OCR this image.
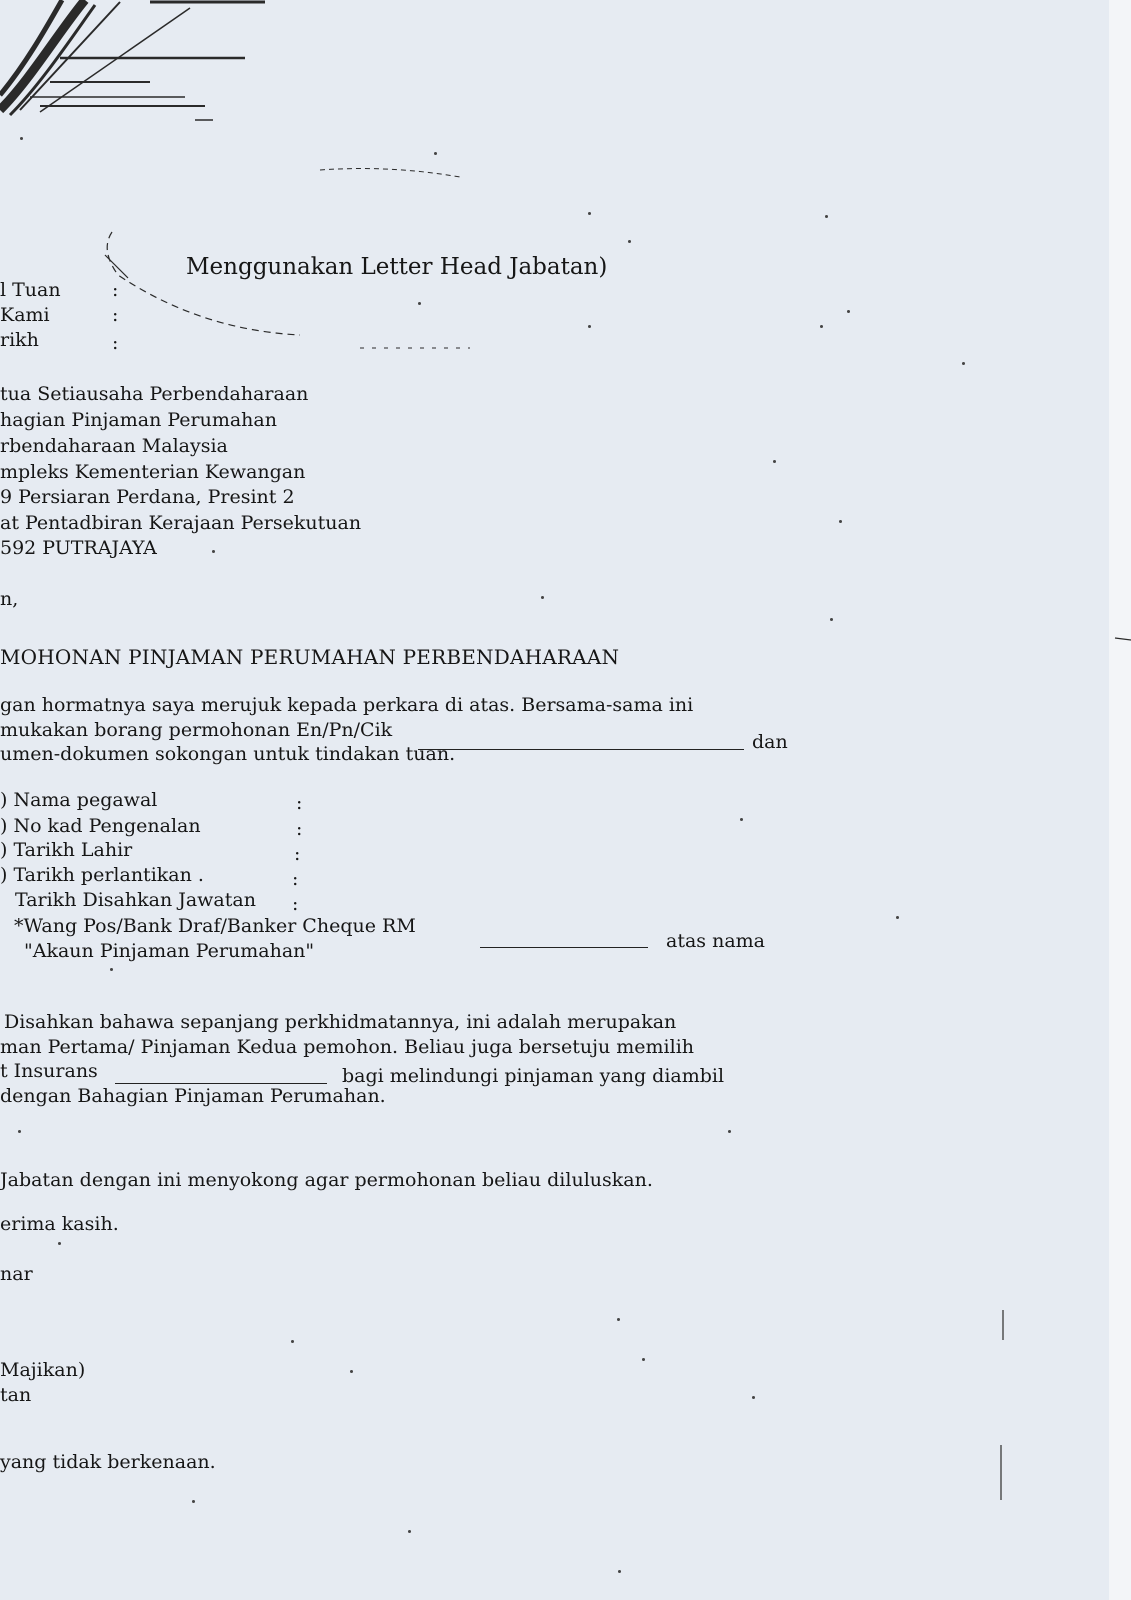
Menggunakan Letter Head Jabatan)
l Tuan	:
Kami	:
rikh	:
tua Setiausaha Perbendaharaan
hagian Pinjaman Perumahan
rbendaharaan Malaysia
mpleks Kementerian Kewangan
9 Persiaran Perdana, Presint 2
at Pentadbiran Kerajaan Persekutuan
592 PUTRAJAYA
n,
MOHONAN PINJAMAN PERUMAHAN PERBENDAHARAAN
gan hormatnya saya merujuk kepada perkara di atas. Bersama-sama ini
mukakan borang permohonan En/Pn/Cik
dan
umen-dokumen sokongan untuk tindakan tuan.
) Nama pegawal	:
) No kad Pengenalan	:
) Tarikh Lahir	:
) Tarikh perlantikan .	:
Tarikh Disahkan Jawatan :
*Wang Pos/Bank Draf/Banker Cheque RM
atas nama
"Akaun Pinjaman Perumahan"
Disahkan bahawa sepanjang perkhidmatannya, ini adalah merupakan
man Pertama/ Pinjaman Kedua pemohon. Beliau juga bersetuju memilih
t Insurans	bagi melindungi pinjaman yang diambil
dengan Bahagian Pinjaman Perumahan.
Jabatan dengan ini menyokong agar permohonan beliau diluluskan.
erima kasih.
nar
Majikan)
tan
yang tidak berkenaan.
